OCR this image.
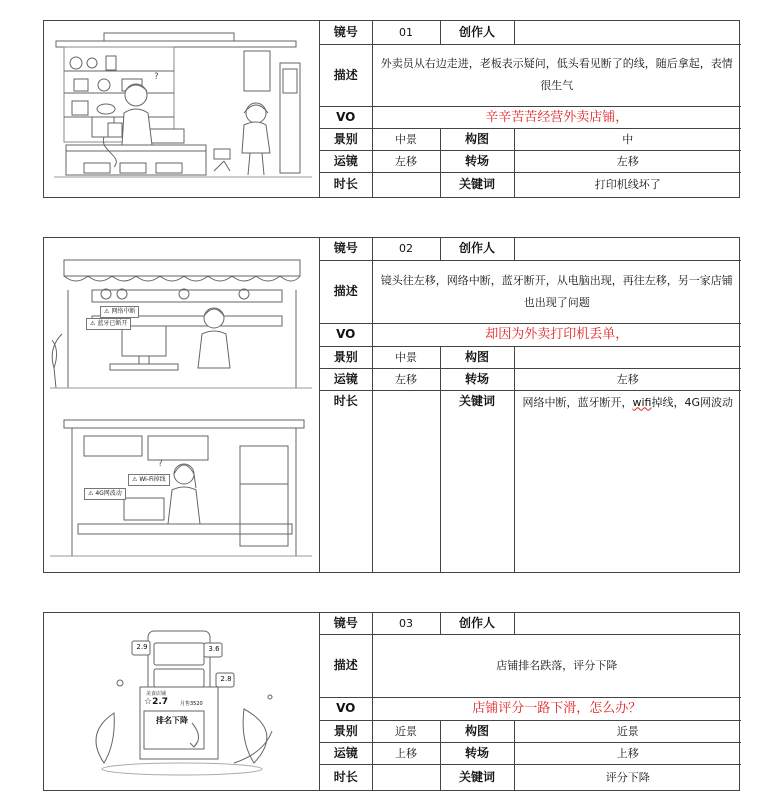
?
镜号	01	创作人	
描述	外卖员从右边走进，老板表示疑问，低头看见断了的线，随后拿起，表情很生气		
VO	辛辛苦苦经营外卖店铺，		
景别	中景	构图	中
运镜	左移	转场	左移
时长		关键词	打印机线坏了
?
⚠ 网络中断
⚠ 蓝牙已断开
⚠ Wi-Fi掉线
⚠ 4G网波动
镜号	02	创作人	
描述	镜头往左移，网络中断，蓝牙断开，从电脑出现，再往左移，另一家店铺也出现了问题		
VO	却因为外卖打印机丢单，		
景别	中景	构图	
运镜	左移	转场	左移
时长		关键词	网络中断，蓝牙断开，wifi掉线，4G网波动
2.9	3.6
2.8
美食店铺
☆2.7 月售3520
排名下降
镜号	03	创作人	
描述	店铺排名跌落，评分下降		
VO	店铺评分一路下滑，怎么办？		
景别	近景	构图	近景
运镜	上移	转场	上移
时长		关键词	评分下降
